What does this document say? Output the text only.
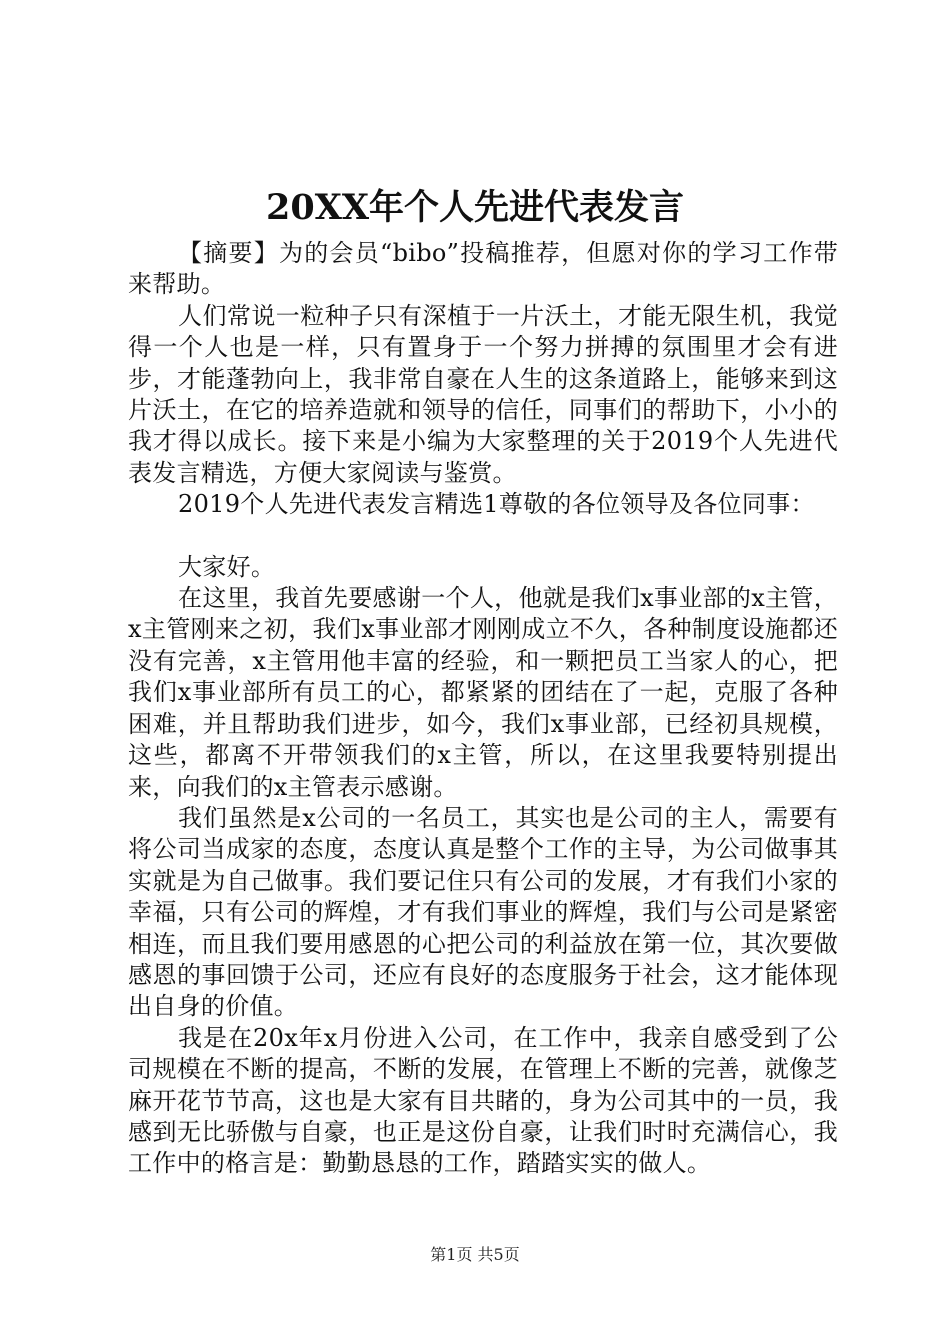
20XX年个人先进代表发言

【摘要】为的会员“bibo”投稿推荐，但愿对你的学习工作带来帮助。

人们常说一粒种子只有深植于一片沃土，才能无限生机，我觉得一个人也是一样，只有置身于一个努力拼搏的氛围里才会有进步，才能蓬勃向上，我非常自豪在人生的这条道路上，能够来到这片沃土，在它的培养造就和领导的信任，同事们的帮助下，小小的我才得以成长。接下来是小编为大家整理的关于2019个人先进代表发言精选，方便大家阅读与鉴赏。

2019个人先进代表发言精选1尊敬的各位领导及各位同事：

大家好。

在这里，我首先要感谢一个人，他就是我们x事业部的x主管，x主管刚来之初，我们x事业部才刚刚成立不久，各种制度设施都还没有完善，x主管用他丰富的经验，和一颗把员工当家人的心，把我们x事业部所有员工的心，都紧紧的团结在了一起，克服了各种困难，并且帮助我们进步，如今，我们x事业部，已经初具规模，这些，都离不开带领我们的x主管，所以，在这里我要特别提出来，向我们的x主管表示感谢。

我们虽然是x公司的一名员工，其实也是公司的主人，需要有将公司当成家的态度，态度认真是整个工作的主导，为公司做事其实就是为自己做事。我们要记住只有公司的发展，才有我们小家的幸福，只有公司的辉煌，才有我们事业的辉煌，我们与公司是紧密相连，而且我们要用感恩的心把公司的利益放在第一位，其次要做感恩的事回馈于公司，还应有良好的态度服务于社会，这才能体现出自身的价值。

我是在20x年x月份进入公司，在工作中，我亲自感受到了公司规模在不断的提高，不断的发展，在管理上不断的完善，就像芝麻开花节节高，这也是大家有目共睹的，身为公司其中的一员，我感到无比骄傲与自豪，也正是这份自豪，让我们时时充满信心，我工作中的格言是：勤勤恳恳的工作，踏踏实实的做人。

第1页 共5页
